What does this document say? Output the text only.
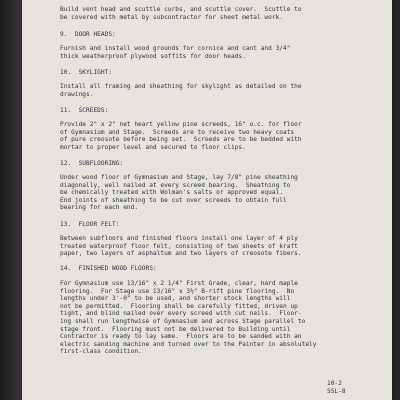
Build vent head and scuttle curbs, and scuttle cover.  Scuttle to
be covered with metal by subcontractor for sheet metal work.
9.  DOOR HEADS:
Furnish and install wood grounds for cornice and cant and 3/4"
thick weatherproof plywood soffits for door heads.
10.  SKYLIGHT:
Install all framing and sheathing for skylight as detailed on the
drawings.
11.  SCREEDS:
Provide 2" x 2" net heart yellow pine screeds, 16" o.c. for floor
of Gymnasium and Stage.  Screeds are to receive two heavy coats
of pure creosote before being set.  Screeds are to be bedded with
mortar to proper level and secured to floor clips.
12.  SUBFLOORING:
Under wood floor of Gymnasium and Stage, lay 7/8" pine sheathing
diagonally, well nailed at every screed bearing.  Sheathing to
be chemically treated with Wolman's salts or approved equal.
End joints of sheathing to be cut over screeds to obtain full
bearing for each end.
13.  FLOOR FELT:
Between subfloors and finished floors install one layer of 4 ply
treated waterproof floor felt, consisting of two sheets of kraft
paper, two layers of asphaltum and two layers of creosote fibers.
14.  FINISHED WOOD FLOORS:
For Gymnasium use 13/16" x 2 1/4" First Grade, clear, hard maple
flooring.  For Stage use 13/16" x 3½" B-rift pine flooring.  No
lengths under 3'-0" to be used, and shorter stock lengths will
not be permitted.  Flooring shall be carefully fitted, driven up
tight, and blind nailed over every screed with cut nails.  Floor-
ing shall run lengthwise of Gymnasium and across Stage parallel to
stage front.  Flooring must not be delivered to Building until
Contractor is ready to lay same.  Floors are to be sanded with an
electric sanding machine and turned over to the Painter in absolutely
first-class condition.
10-2
SSL-8
